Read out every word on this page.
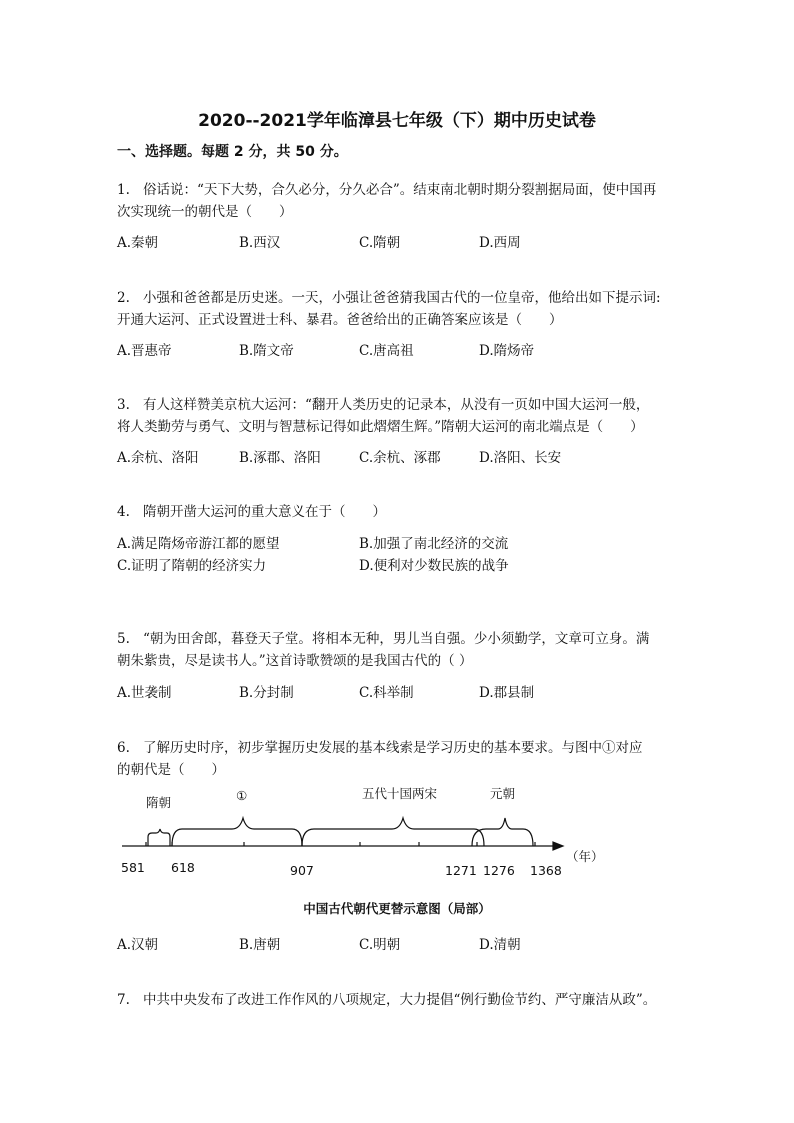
2020--2021学年临漳县七年级（下）期中历史试卷
一、选择题。每题 2 分，共 50 分。
1. 俗话说：“天下大势，合久必分，分久必合”。结束南北朝时期分裂割据局面，使中国再
次实现统一的朝代是（　　）
A.秦朝	B.西汉	C.隋朝	D.西周
2. 小强和爸爸都是历史迷。一天，小强让爸爸猜我国古代的一位皇帝，他给出如下提示词:
开通大运河、正式设置进士科、暴君。爸爸给出的正确答案应该是（　　）
A.晋惠帝	B.隋文帝	C.唐高祖	D.隋炀帝
3. 有人这样赞美京杭大运河：“翻开人类历史的记录本，从没有一页如中国大运河一般，
将人类勤劳与勇气、文明与智慧标记得如此熠熠生辉。”隋朝大运河的南北端点是（　　）
A.余杭、洛阳	B.涿郡、洛阳	C.余杭、涿郡	D.洛阳、长安
4. 隋朝开凿大运河的重大意义在于（　　）
A.满足隋炀帝游江都的愿望	B.加强了南北经济的交流
C.证明了隋朝的经济实力	D.便利对少数民族的战争
5. “朝为田舍郎，暮登天子堂。将相本无种，男儿当自强。少小须勤学，文章可立身。满
朝朱紫贵，尽是读书人。”这首诗歌赞颂的是我国古代的（ ）
A.世袭制	B.分封制	C.科举制	D.郡县制
6. 了解历史时序，初步掌握历史发展的基本线索是学习历史的基本要求。与图中①对应
的朝代是（　　）
隋朝	①	五代十国两宋	元朝
581 618	907	1271 1276 1368
（年）
中国古代朝代更替示意图（局部）
A.汉朝	B.唐朝	C.明朝	D.清朝
7. 中共中央发布了改进工作作风的八项规定，大力提倡“例行勤俭节约、严守廉洁从政”。
